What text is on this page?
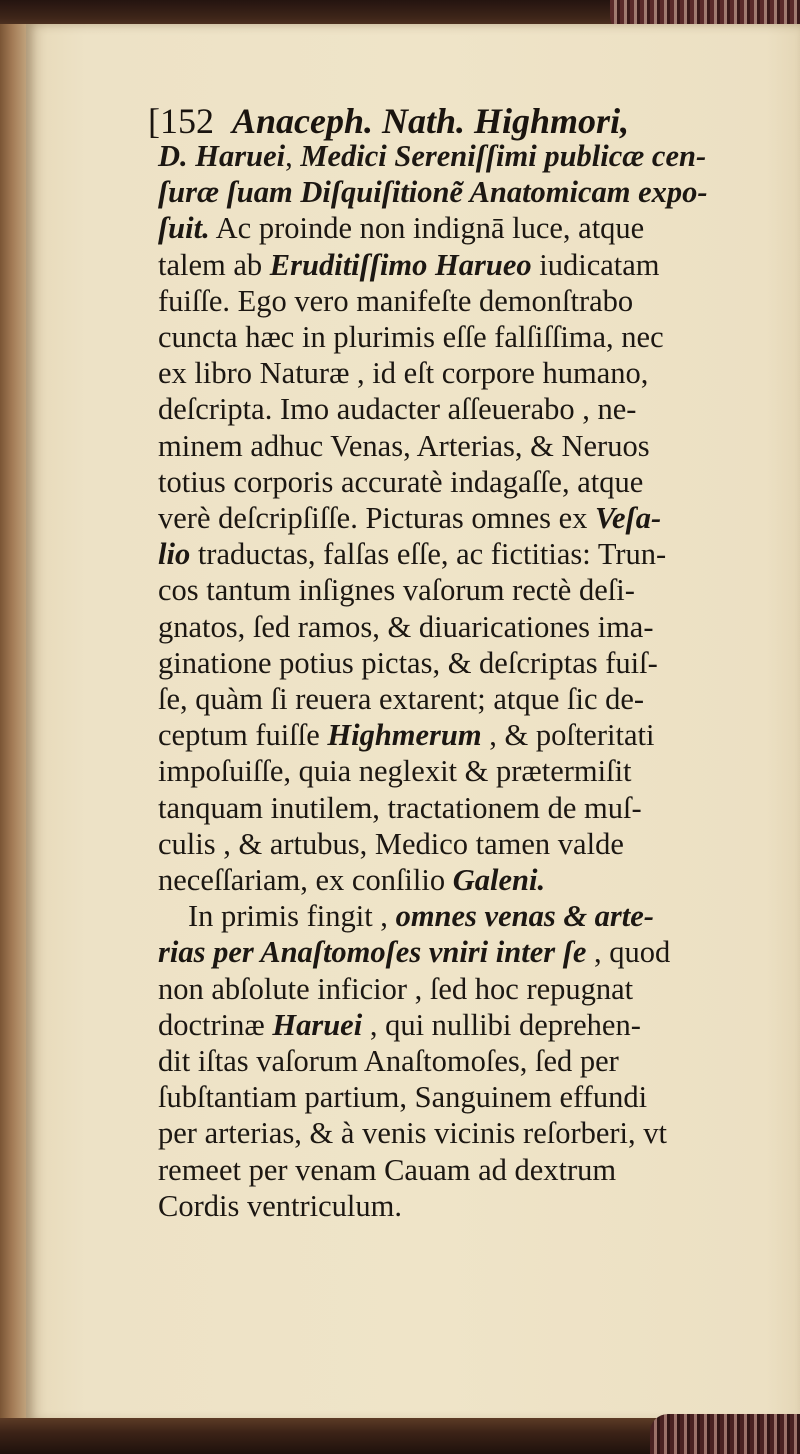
[152 Anaceph. Nath. Highmori,
D. Haruei, Medici Sereniſſimi publicæ cen-
ſuræ ſuam Diſquiſitionẽ Anatomicam expo-
ſuit. Ac proinde non indignā luce, atque
talem ab Eruditiſſimo Harueo iudicatam
fuiſſe. Ego vero manifeſte demonſtrabo
cuncta hæc in plurimis eſſe falſiſſima, nec
ex libro Naturæ , id eſt corpore humano,
deſcripta. Imo audacter aſſeuerabo , ne-
minem adhuc Venas, Arterias, & Neruos
totius corporis accuratè indagaſſe, atque
verè deſcripſiſſe. Picturas omnes ex Veſa-
lio traductas, falſas eſſe, ac fictitias: Trun-
cos tantum inſignes vaſorum rectè deſi-
gnatos, ſed ramos, & diuaricationes ima-
ginatione potius pictas, & deſcriptas fuiſ-
ſe, quàm ſi reuera extarent; atque ſic de-
ceptum fuiſſe Highmerum , & poſteritati
impoſuiſſe, quia neglexit & prætermiſit
tanquam inutilem, tractationem de muſ-
culis , & artubus, Medico tamen valde
neceſſariam, ex conſilio Galeni.
In primis fingit , omnes venas & arte-
rias per Anaſtomoſes vniri inter ſe , quod
non abſolute inficior , ſed hoc repugnat
doctrinæ Haruei , qui nullibi deprehen-
dit iſtas vaſorum Anaſtomoſes, ſed per
ſubſtantiam partium, Sanguinem effundi
per arterias, & à venis vicinis reſorberi, vt
remeet per venam Cauam ad dextrum
Cordis ventriculum.
